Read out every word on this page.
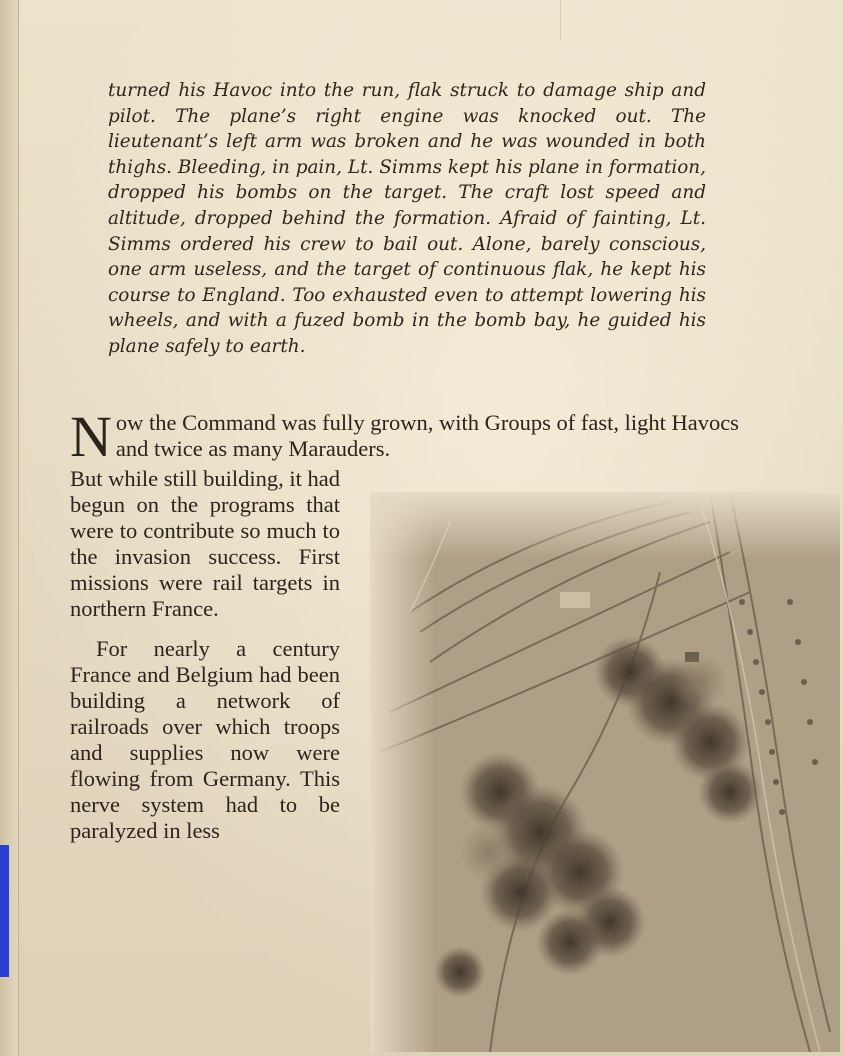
turned his Havoc into the run, flak struck to damage ship and pilot. The plane’s right engine was knocked out. The lieutenant’s left arm was broken and he was wounded in both thighs. Bleeding, in pain, Lt. Simms kept his plane in formation, dropped his bombs on the target. The craft lost speed and altitude, dropped behind the formation. Afraid of fainting, Lt. Simms ordered his crew to bail out. Alone, barely conscious, one arm useless, and the target of continuous flak, he kept his course to England. Too exhausted even to attempt lowering his wheels, and with a fuzed bomb in the bomb bay, he guided his plane safely to earth.
N ow the Command was fully grown, with Groups of fast, light Havocs and twice as many Marauders.

But while still building, it had begun on the programs that were to contribute so much to the invasion success. First missions were rail targets in northern France.

For nearly a century France and Belgium had been building a network of railroads over which troops and supplies now were flowing from Germany. This nerve system had to be paralyzed in less
